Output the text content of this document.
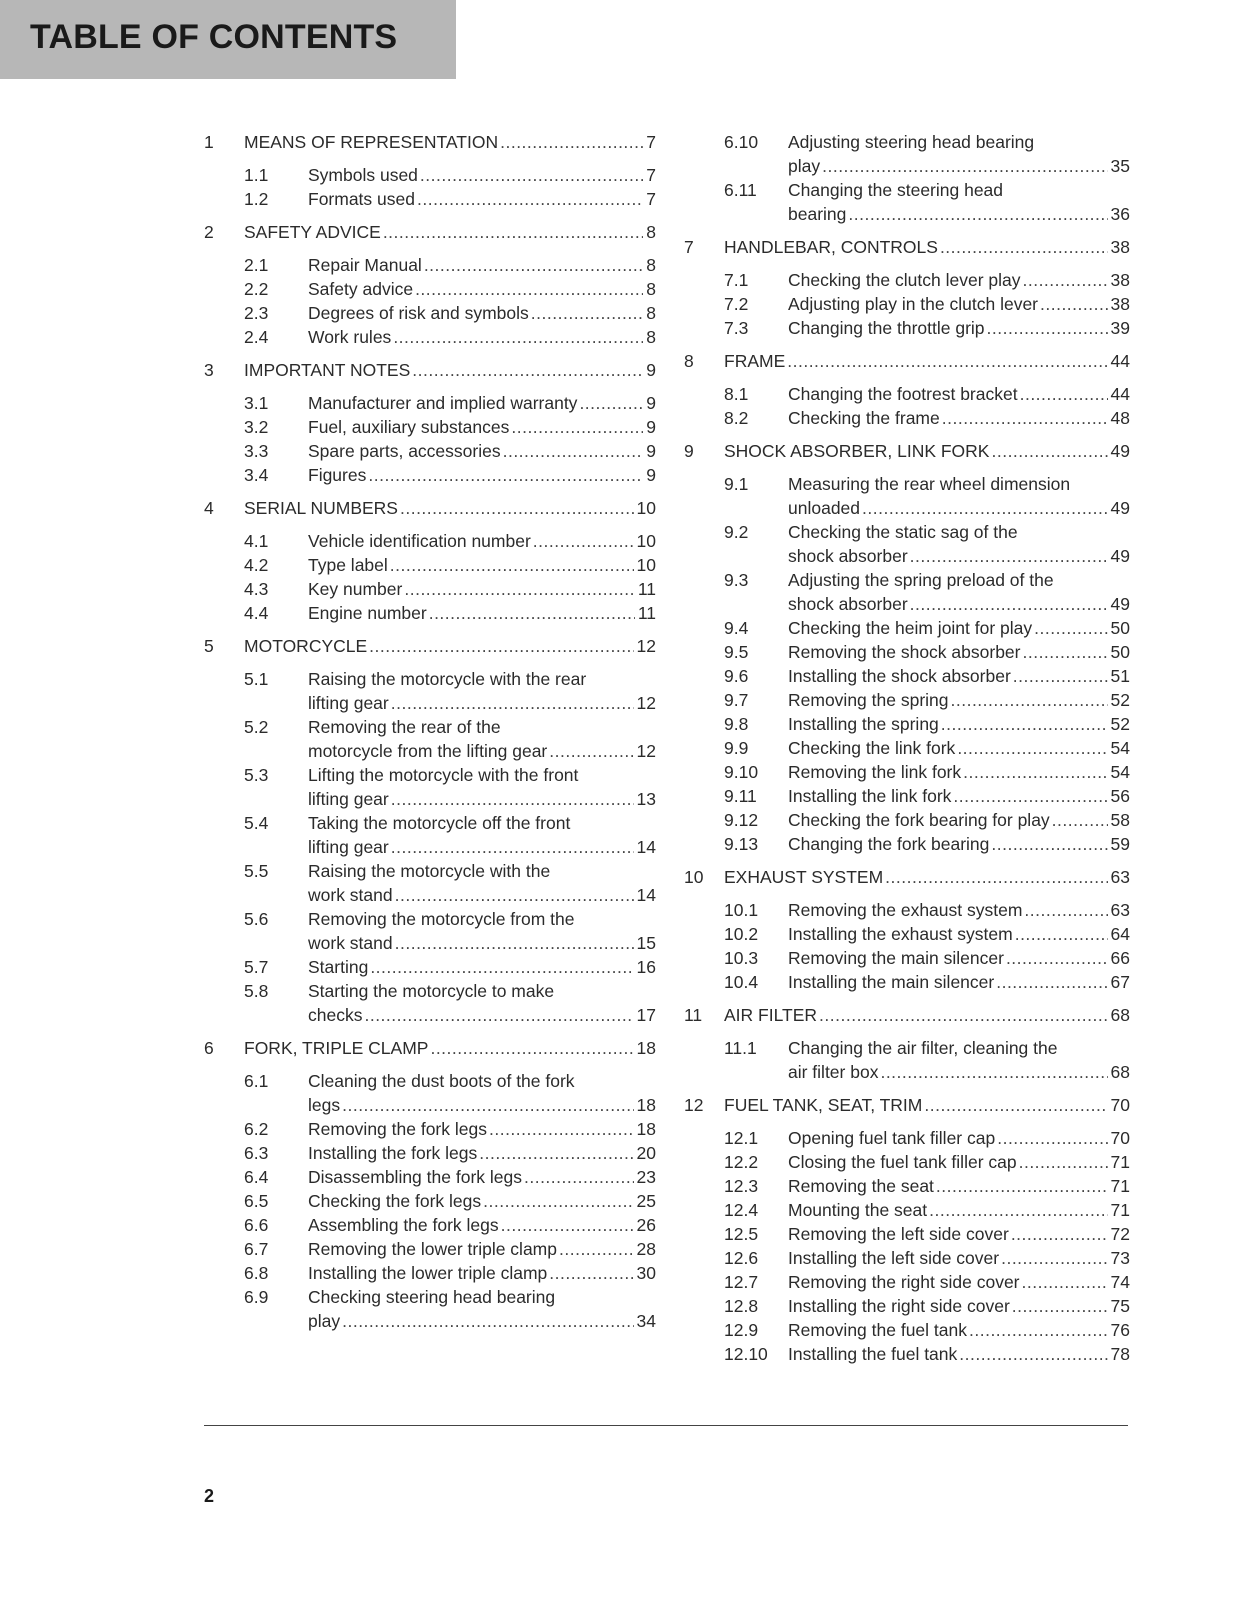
TABLE OF CONTENTS
1	MEANS OF REPRESENTATION .....	7
1.1	Symbols used .....	7
1.2	Formats used .....	7
2	SAFETY ADVICE .....	8
2.1	Repair Manual .....	8
2.2	Safety advice .....	8
2.3	Degrees of risk and symbols .....	8
2.4	Work rules .....	8
3	IMPORTANT NOTES .....	9
3.1	Manufacturer and implied warranty .....	9
3.2	Fuel, auxiliary substances .....	9
3.3	Spare parts, accessories .....	9
3.4	Figures .....	9
4	SERIAL NUMBERS .....	10
4.1	Vehicle identification number .....	10
4.2	Type label .....	10
4.3	Key number .....	11
4.4	Engine number .....	11
5	MOTORCYCLE .....	12
5.1	Raising the motorcycle with the rear
lifting gear .....	12
5.2	Removing the rear of the
motorcycle from the lifting gear .....	12
5.3	Lifting the motorcycle with the front
lifting gear .....	13
5.4	Taking the motorcycle off the front
lifting gear .....	14
5.5	Raising the motorcycle with the
work stand .....	14
5.6	Removing the motorcycle from the
work stand .....	15
5.7	Starting .....	16
5.8	Starting the motorcycle to make
checks .....	17
6	FORK, TRIPLE CLAMP .....	18
6.1	Cleaning the dust boots of the fork
legs .....	18
6.2	Removing the fork legs .....	18
6.3	Installing the fork legs .....	20
6.4	Disassembling the fork legs .....	23
6.5	Checking the fork legs .....	25
6.6	Assembling the fork legs .....	26
6.7	Removing the lower triple clamp .....	28
6.8	Installing the lower triple clamp .....	30
6.9	Checking steering head bearing
play .....	34
6.10	Adjusting steering head bearing
play .....	35
6.11	Changing the steering head
bearing .....	36
7	HANDLEBAR, CONTROLS .....	38
7.1	Checking the clutch lever play .....	38
7.2	Adjusting play in the clutch lever .....	38
7.3	Changing the throttle grip .....	39
8	FRAME .....	44
8.1	Changing the footrest bracket .....	44
8.2	Checking the frame .....	48
9	SHOCK ABSORBER, LINK FORK .....	49
9.1	Measuring the rear wheel dimension
unloaded .....	49
9.2	Checking the static sag of the
shock absorber .....	49
9.3	Adjusting the spring preload of the
shock absorber .....	49
9.4	Checking the heim joint for play .....	50
9.5	Removing the shock absorber .....	50
9.6	Installing the shock absorber .....	51
9.7	Removing the spring .....	52
9.8	Installing the spring .....	52
9.9	Checking the link fork .....	54
9.10	Removing the link fork .....	54
9.11	Installing the link fork .....	56
9.12	Checking the fork bearing for play .....	58
9.13	Changing the fork bearing .....	59
10	EXHAUST SYSTEM .....	63
10.1	Removing the exhaust system .....	63
10.2	Installing the exhaust system .....	64
10.3	Removing the main silencer .....	66
10.4	Installing the main silencer .....	67
11	AIR FILTER .....	68
11.1	Changing the air filter, cleaning the
air filter box .....	68
12	FUEL TANK, SEAT, TRIM .....	70
12.1	Opening fuel tank filler cap .....	70
12.2	Closing the fuel tank filler cap .....	71
12.3	Removing the seat .....	71
12.4	Mounting the seat .....	71
12.5	Removing the left side cover .....	72
12.6	Installing the left side cover .....	73
12.7	Removing the right side cover .....	74
12.8	Installing the right side cover .....	75
12.9	Removing the fuel tank .....	76
12.10	Installing the fuel tank .....	78
2
